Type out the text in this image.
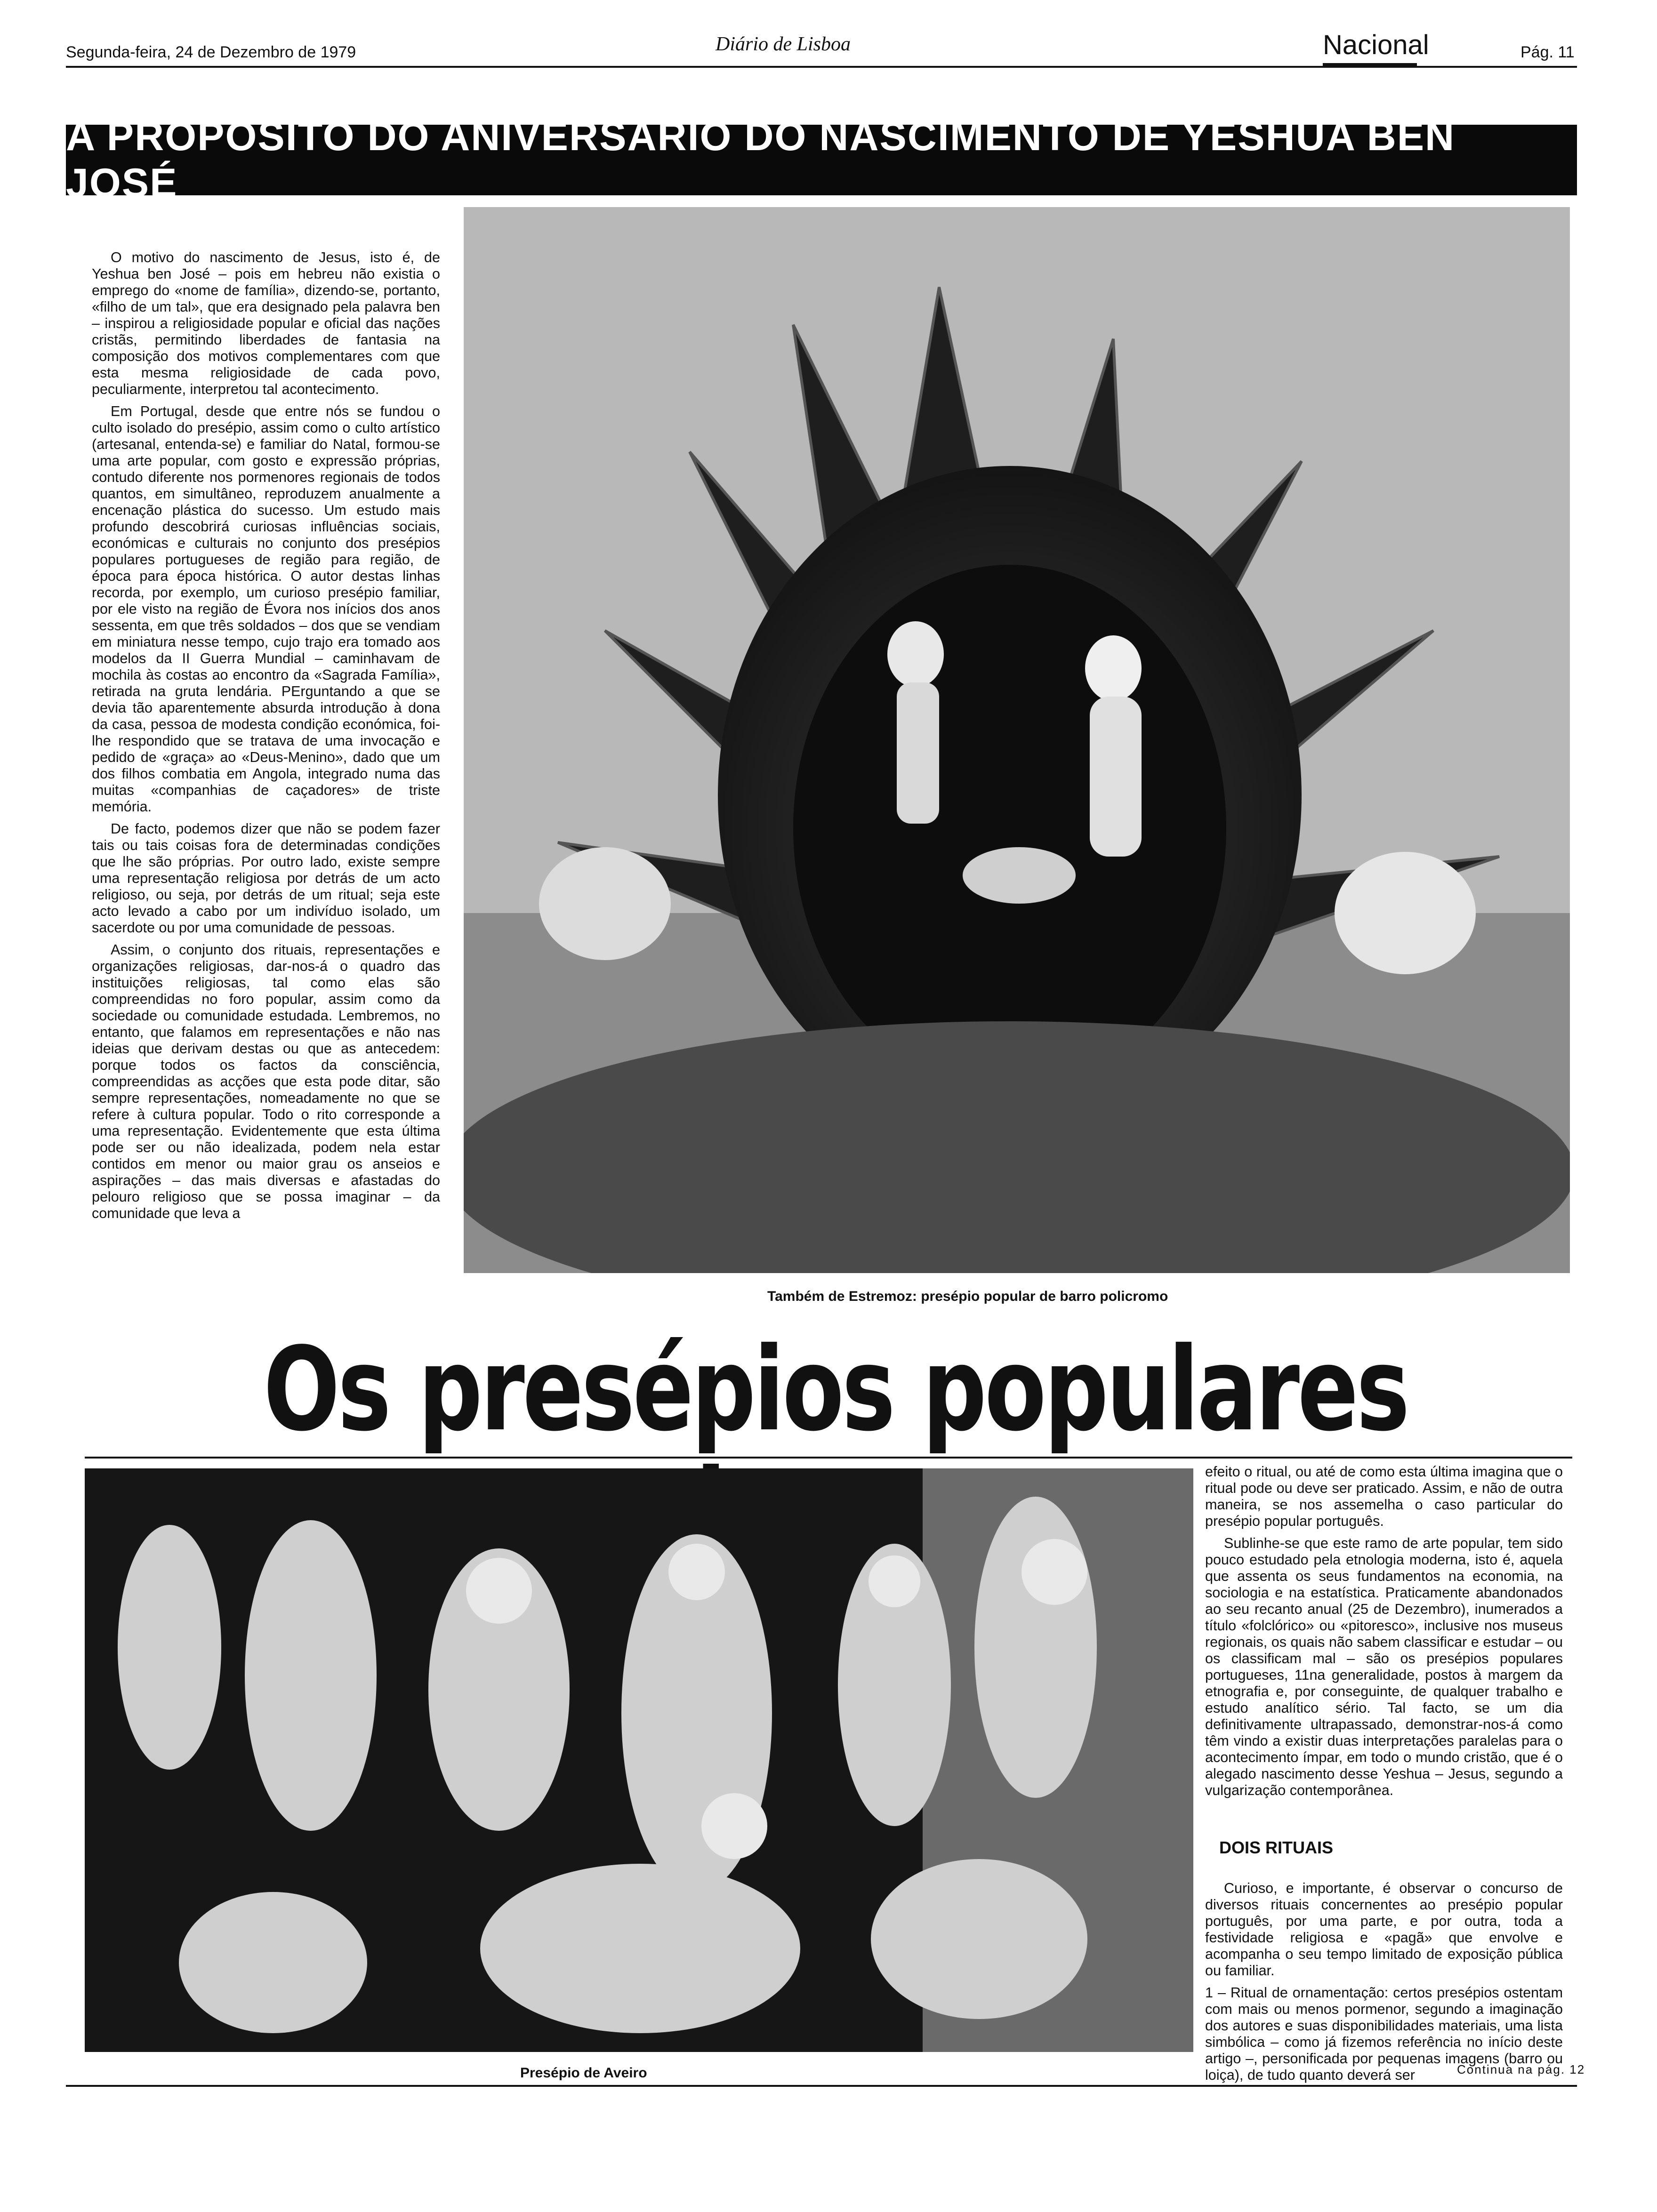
Segunda-feira, 24 de Dezembro de 1979	Diário de Lisboa	Nacional	Pág. 11
A PROPÓSITO DO ANIVERSÁRIO DO NASCIMENTO DE YESHUA BEN JOSÉ

O motivo do nascimento de Jesus, isto é, de Yeshua ben José – pois em hebreu não existia o emprego do «nome de família», dizendo-se, portanto, «filho de um tal», que era designado pela palavra ben – inspirou a religiosidade popular e oficial das nações cristãs, permitindo liberdades de fantasia na composição dos motivos complementares com que esta mesma religiosidade de cada povo, peculiarmente, interpretou tal acontecimento.

Em Portugal, desde que entre nós se fundou o culto isolado do presépio, assim como o culto artístico (artesanal, entenda-se) e familiar do Natal, formou-se uma arte popular, com gosto e expressão próprias, contudo diferente nos pormenores regionais de todos quantos, em simultâneo, reproduzem anualmente a encenação plástica do sucesso. Um estudo mais profundo descobrirá curiosas influências sociais, económicas e culturais no conjunto dos presépios populares portugueses de região para região, de época para época histórica. O autor destas linhas recorda, por exemplo, um curioso presépio familiar, por ele visto na região de Évora nos inícios dos anos sessenta, em que três soldados – dos que se vendiam em miniatura nesse tempo, cujo trajo era tomado aos modelos da II Guerra Mundial – caminhavam de mochila às costas ao encontro da «Sagrada Família», retirada na gruta lendária. PErguntando a que se devia tão aparentemente absurda introdução à dona da casa, pessoa de modesta condição económica, foi-lhe respondido que se tratava de uma invocação e pedido de «graça» ao «Deus-Menino», dado que um dos filhos combatia em Angola, integrado numa das muitas «companhias de caçadores» de triste memória.

De facto, podemos dizer que não se podem fazer tais ou tais coisas fora de determinadas condições que lhe são próprias. Por outro lado, existe sempre uma representação religiosa por detrás de um acto religioso, ou seja, por detrás de um ritual; seja este acto levado a cabo por um indivíduo isolado, um sacerdote ou por uma comunidade de pessoas.

Assim, o conjunto dos rituais, representações e organizações religiosas, dar-nos-á o quadro das instituições religiosas, tal como elas são compreendidas no foro popular, assim como da sociedade ou comunidade estudada. Lembremos, no entanto, que falamos em representações e não nas ideias que derivam destas ou que as antecedem: porque todos os factos da consciência, compreendidas as acções que esta pode ditar, são sempre representações, nomeadamente no que se refere à cultura popular. Todo o rito corresponde a uma representação. Evidentemente que esta última pode ser ou não idealizada, podem nela estar contidos em menor ou maior grau os anseios e aspirações – das mais diversas e afastadas do pelouro religioso que se possa imaginar – da comunidade que leva a

Também de Estremoz: presépio popular de barro policromo
Os presépios populares
Presépio de Aveiro

efeito o ritual, ou até de como esta última imagina que o ritual pode ou deve ser praticado. Assim, e não de outra maneira, se nos assemelha o caso particular do presépio popular português.

Sublinhe-se que este ramo de arte popular, tem sido pouco estudado pela etnologia moderna, isto é, aquela que assenta os seus fundamentos na economia, na sociologia e na estatística. Praticamente abandonados ao seu recanto anual (25 de Dezembro), inumerados a título «folclórico» ou «pitoresco», inclusive nos museus regionais, os quais não sabem classificar e estudar – ou os classificam mal – são os presépios populares portugueses, 11na generalidade, postos à margem da etnografia e, por conseguinte, de qualquer trabalho e estudo analítico sério. Tal facto, se um dia definitivamente ultrapassado, demonstrar-nos-á como têm vindo a existir duas interpretações paralelas para o acontecimento ímpar, em todo o mundo cristão, que é o alegado nascimento desse Yeshua – Jesus, segundo a vulgarização contemporânea.

DOIS RITUAIS

Curioso, e importante, é observar o concurso de diversos rituais concernentes ao presépio popular português, por uma parte, e por outra, toda a festividade religiosa e «pagã» que envolve e acompanha o seu tempo limitado de exposição pública ou familiar.

1 – Ritual de ornamentação: certos presépios ostentam com mais ou menos pormenor, segundo a imaginação dos autores e suas disponibilidades materiais, uma lista simbólica – como já fizemos referência no início deste artigo –, personificada por pequenas imagens (barro ou loiça), de tudo quanto deverá ser	Continua na pág. 12
